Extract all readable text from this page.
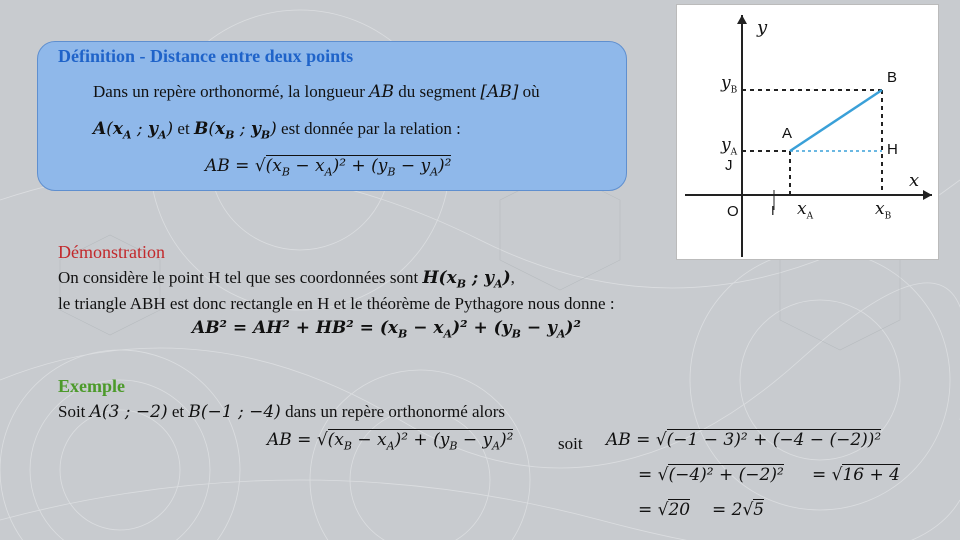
Définition - Distance entre deux points
Dans un repère orthonormé, la longueur AB du segment [AB] où
$A(x_A$ ; $y_A$) et $B(x_B$ ; $y_B$) est donnée par la relation :
AB = $√(x_B - x_A)^2 + (y_B - y_A)^2$
y
x
O I
J
A
B
H
$y_B$
$y_A$
$x_A$	$x_B$
Démonstration
On considère le point H tel que ses coordonnées sont $H(x_B$ ; $y_A$),
le triangle ABH est donc rectangle en H et le théorème de Pythagore nous donne :
$AB^2 = AH^2 + HB^2 = (x_B - x_A)^2 + (y_B - y_A)^2$
Exemple
Soit A(3 ; −2) et B(−1 ; −4) dans un repère orthonormé alors
AB = $√(x_B - x_A)^2 + (y_B - y_A)^2$	soit AB = √(−1 − 3)² + (−4 − (−2))²
= √(−4)² + (−2)² = √16 + 4
= √20 = 2√5
